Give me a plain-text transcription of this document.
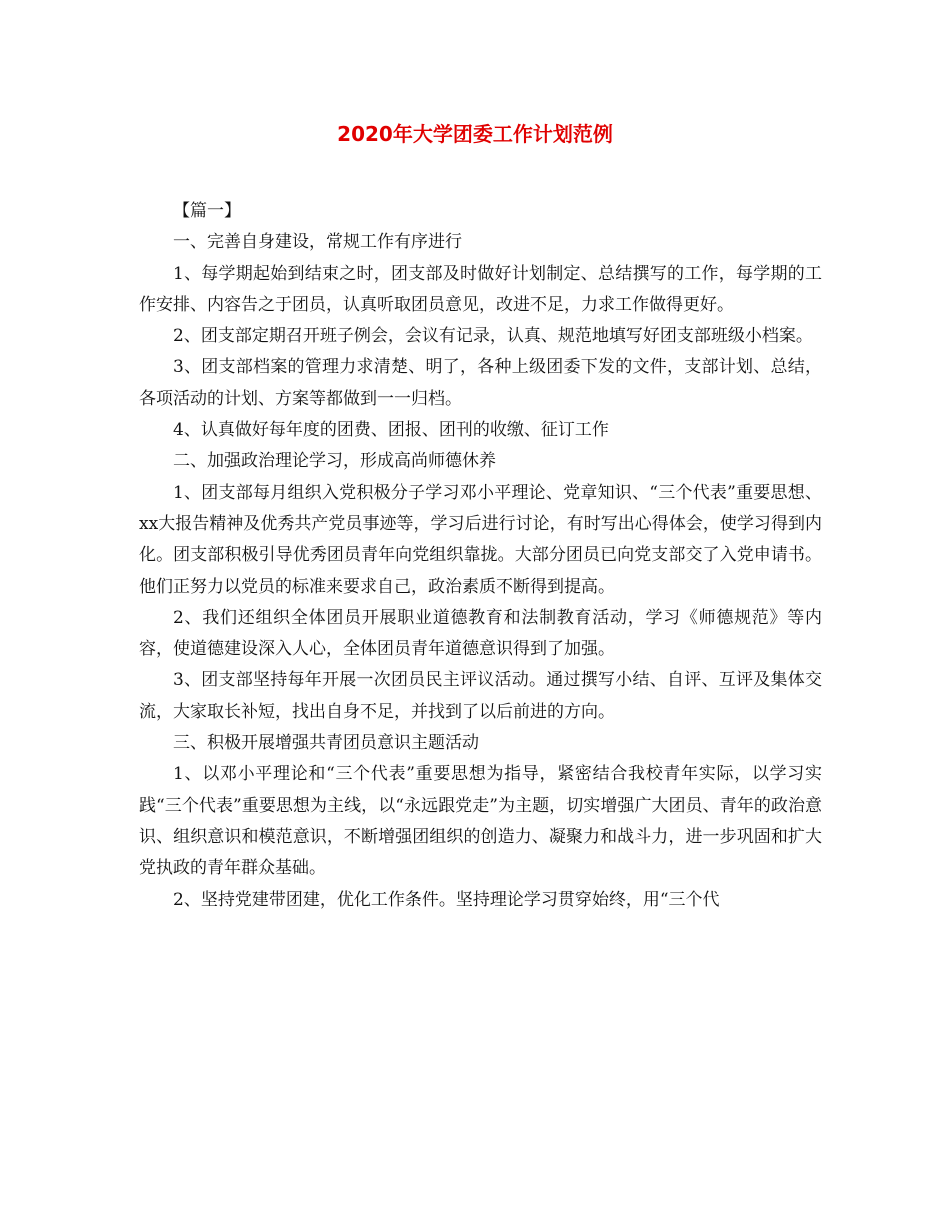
2020年大学团委工作计划范例

【篇一】

一、完善自身建设，常规工作有序进行

1、每学期起始到结束之时，团支部及时做好计划制定、总结撰写的工作，每学期的工作安排、内容告之于团员，认真听取团员意见，改进不足，力求工作做得更好。

2、团支部定期召开班子例会，会议有记录，认真、规范地填写好团支部班级小档案。

3、团支部档案的管理力求清楚、明了，各种上级团委下发的文件，支部计划、总结，各项活动的计划、方案等都做到一一归档。

4、认真做好每年度的团费、团报、团刊的收缴、征订工作

二、加强政治理论学习，形成高尚师德休养

1、团支部每月组织入党积极分子学习邓小平理论、党章知识、“三个代表”重要思想、xx大报告精神及优秀共产党员事迹等，学习后进行讨论，有时写出心得体会，使学习得到内化。团支部积极引导优秀团员青年向党组织靠拢。大部分团员已向党支部交了入党申请书。他们正努力以党员的标准来要求自己，政治素质不断得到提高。

2、我们还组织全体团员开展职业道德教育和法制教育活动，学习《师德规范》等内容，使道德建设深入人心，全体团员青年道德意识得到了加强。

3、团支部坚持每年开展一次团员民主评议活动。通过撰写小结、自评、互评及集体交流，大家取长补短，找出自身不足，并找到了以后前进的方向。

三、积极开展增强共青团员意识主题活动

1、以邓小平理论和“三个代表”重要思想为指导，紧密结合我校青年实际，以学习实践“三个代表”重要思想为主线，以“永远跟党走”为主题，切实增强广大团员、青年的政治意识、组织意识和模范意识，不断增强团组织的创造力、凝聚力和战斗力，进一步巩固和扩大党执政的青年群众基础。

2、坚持党建带团建，优化工作条件。坚持理论学习贯穿始终，用“三个代
